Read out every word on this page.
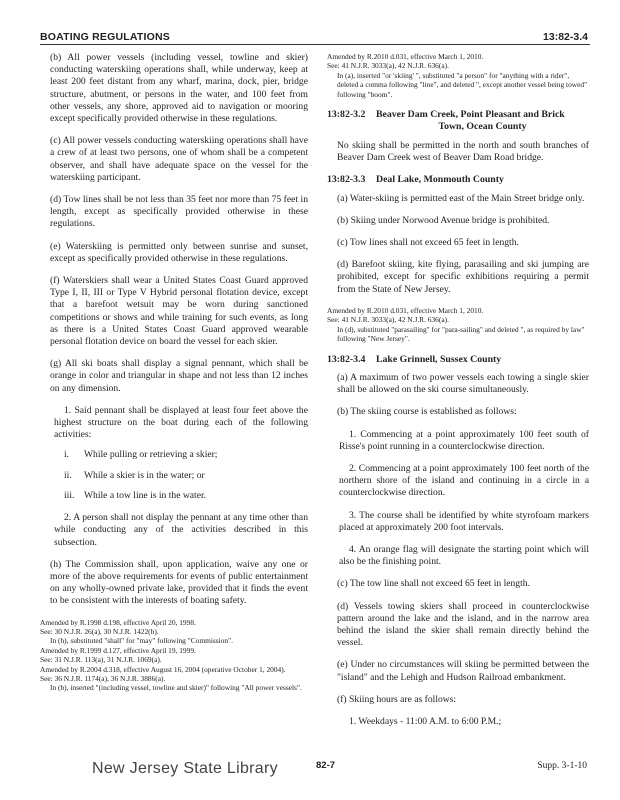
BOATING REGULATIONS	13:82-3.4

(b) All power vessels (including vessel, towline and skier) conducting waterskiing operations shall, while underway, keep at least 200 feet distant from any wharf, marina, dock, pier, bridge structure, abutment, or persons in the water, and 100 feet from other vessels, any shore, approved aid to navigation or mooring except specifically provided otherwise in these regulations.

(c) All power vessels conducting waterskiing operations shall have a crew of at least two persons, one of whom shall be a competent observer, and shall have adequate space on the vessel for the waterskiing participant.

(d) Tow lines shall be not less than 35 feet nor more than 75 feet in length, except as specifically provided otherwise in these regulations.

(e) Waterskiing is permitted only between sunrise and sunset, except as specifically provided otherwise in these regulations.

(f) Waterskiers shall wear a United States Coast Guard approved Type I, II, III or Type V Hybrid personal flotation device, except that a barefoot wetsuit may be worn during sanctioned competitions or shows and while training for such events, as long as there is a United States Coast Guard approved wearable personal flotation device on board the vessel for each skier.

(g) All ski boats shall display a signal pennant, which shall be orange in color and triangular in shape and not less than 12 inches on any dimension.

1. Said pennant shall be displayed at least four feet above the highest structure on the boat during each of the following activities:

i.	While pulling or retrieving a skier;

ii.	While a skier is in the water; or

iii. While a tow line is in the water.

2. A person shall not display the pennant at any time other than while conducting any of the activities described in this subsection.

(h) The Commission shall, upon application, waive any one or more of the above requirements for events of public entertainment on any wholly-owned private lake, provided that it finds the event to be consistent with the interests of boating safety.

Amended by R.1998 d.198, effective April 20, 1998.

See: 30 N.J.R. 26(a), 30 N.J.R. 1422(b).

In (h), substituted "shall" for "may" following "Commission".

Amended by R.1999 d.127, effective April 19, 1999.

See: 31 N.J.R. 113(a), 31 N.J.R. 1069(a).

Amended by R.2004 d.318, effective August 16, 2004 (operative October 1, 2004).

See: 36 N.J.R. 1174(a), 36 N.J.R. 3886(a).

In (b), inserted "(including vessel, towline and skier)" following "All power vessels".

Amended by R.2010 d.031, effective March 1, 2010.

See: 41 N.J.R. 3033(a), 42 N.J.R. 636(a).

In (a), inserted "or 'skiing' ", substituted "a person" for "anything with a rider", deleted a comma following "line", and deleted ", except another vessel being towed" following "boom".

13:82-3.2 Beaver Dam Creek, Point Pleasant and Brick
Town, Ocean County

No skiing shall be permitted in the north and south branches of Beaver Dam Creek west of Beaver Dam Road bridge.

13:82-3.3 Deal Lake, Monmouth County

(a) Water-skiing is permitted east of the Main Street bridge only.

(b) Skiing under Norwood Avenue bridge is prohibited.

(c) Tow lines shall not exceed 65 feet in length.

(d) Barefoot skiing, kite flying, parasailing and ski jumping are prohibited, except for specific exhibitions requiring a permit from the State of New Jersey.

Amended by R.2010 d.031, effective March 1, 2010.

See: 41 N.J.R. 3033(a), 42 N.J.R. 636(a).

In (d), substituted "parasailing" for "para-sailing" and deleted ", as required by law" following "New Jersey".

13:82-3.4 Lake Grinnell, Sussex County

(a) A maximum of two power vessels each towing a single skier shall be allowed on the ski course simultaneously.

(b) The skiing course is established as follows:

1. Commencing at a point approximately 100 feet south of Risse's point running in a counterclockwise direction.

2. Commencing at a point approximately 100 feet north of the northern shore of the island and continuing in a circle in a counterclockwise direction.

3. The course shall be identified by white styrofoam markers placed at approximately 200 foot intervals.

4. An orange flag will designate the starting point which will also be the finishing point.

(c) The tow line shall not exceed 65 feet in length.

(d) Vessels towing skiers shall proceed in counterclockwise pattern around the lake and the island, and in the narrow area behind the island the skier shall remain directly behind the vessel.

(e) Under no circumstances will skiing be permitted between the "island" and the Lehigh and Hudson Railroad embankment.

(f) Skiing hours are as follows:

1. Weekdays - 11:00 A.M. to 6:00 P.M.;

New Jersey State Library	82-7	Supp. 3-1-10
